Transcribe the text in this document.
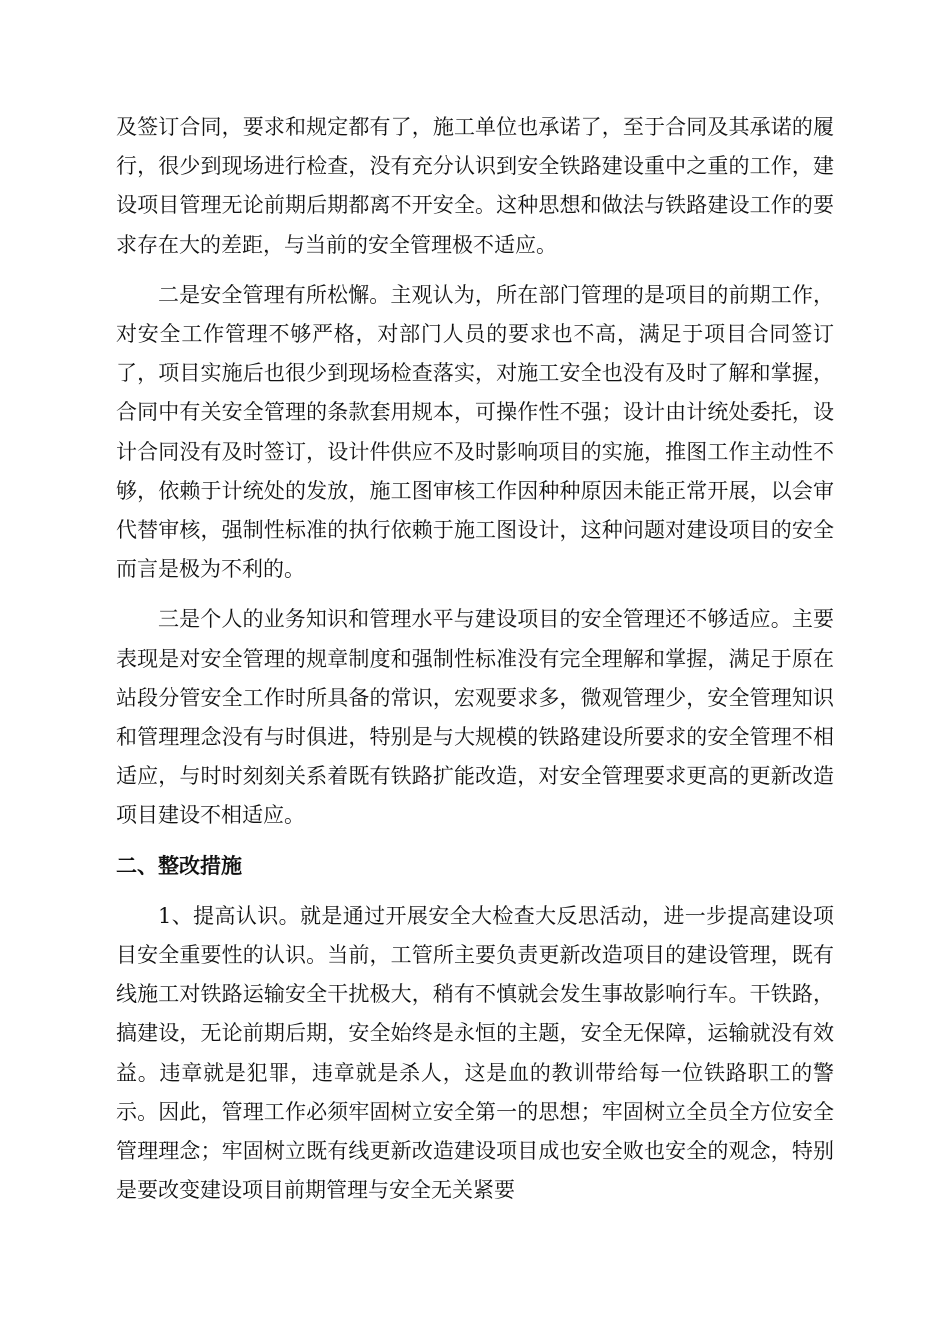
及签订合同，要求和规定都有了，施工单位也承诺了，至于合同及其承诺的履行，很少到现场进行检查，没有充分认识到安全铁路建设重中之重的工作，建设项目管理无论前期后期都离不开安全。这种思想和做法与铁路建设工作的要求存在大的差距，与当前的安全管理极不适应。

二是安全管理有所松懈。主观认为，所在部门管理的是项目的前期工作，对安全工作管理不够严格，对部门人员的要求也不高，满足于项目合同签订了，项目实施后也很少到现场检查落实，对施工安全也没有及时了解和掌握，合同中有关安全管理的条款套用规本，可操作性不强；设计由计统处委托，设计合同没有及时签订，设计件供应不及时影响项目的实施，推图工作主动性不够，依赖于计统处的发放，施工图审核工作因种种原因未能正常开展，以会审代替审核，强制性标准的执行依赖于施工图设计，这种问题对建设项目的安全而言是极为不利的。

三是个人的业务知识和管理水平与建设项目的安全管理还不够适应。主要表现是对安全管理的规章制度和强制性标准没有完全理解和掌握，满足于原在站段分管安全工作时所具备的常识，宏观要求多，微观管理少，安全管理知识和管理理念没有与时俱进，特别是与大规模的铁路建设所要求的安全管理不相适应，与时时刻刻关系着既有铁路扩能改造，对安全管理要求更高的更新改造项目建设不相适应。

二、整改措施

1、提高认识。就是通过开展安全大检查大反思活动，进一步提高建设项目安全重要性的认识。当前，工管所主要负责更新改造项目的建设管理，既有线施工对铁路运输安全干扰极大，稍有不慎就会发生事故影响行车。干铁路，搞建设，无论前期后期，安全始终是永恒的主题，安全无保障，运输就没有效益。违章就是犯罪，违章就是杀人，这是血的教训带给每一位铁路职工的警示。因此，管理工作必须牢固树立安全第一的思想；牢固树立全员全方位安全管理理念；牢固树立既有线更新改造建设项目成也安全败也安全的观念，特别是要改变建设项目前期管理与安全无关紧要
